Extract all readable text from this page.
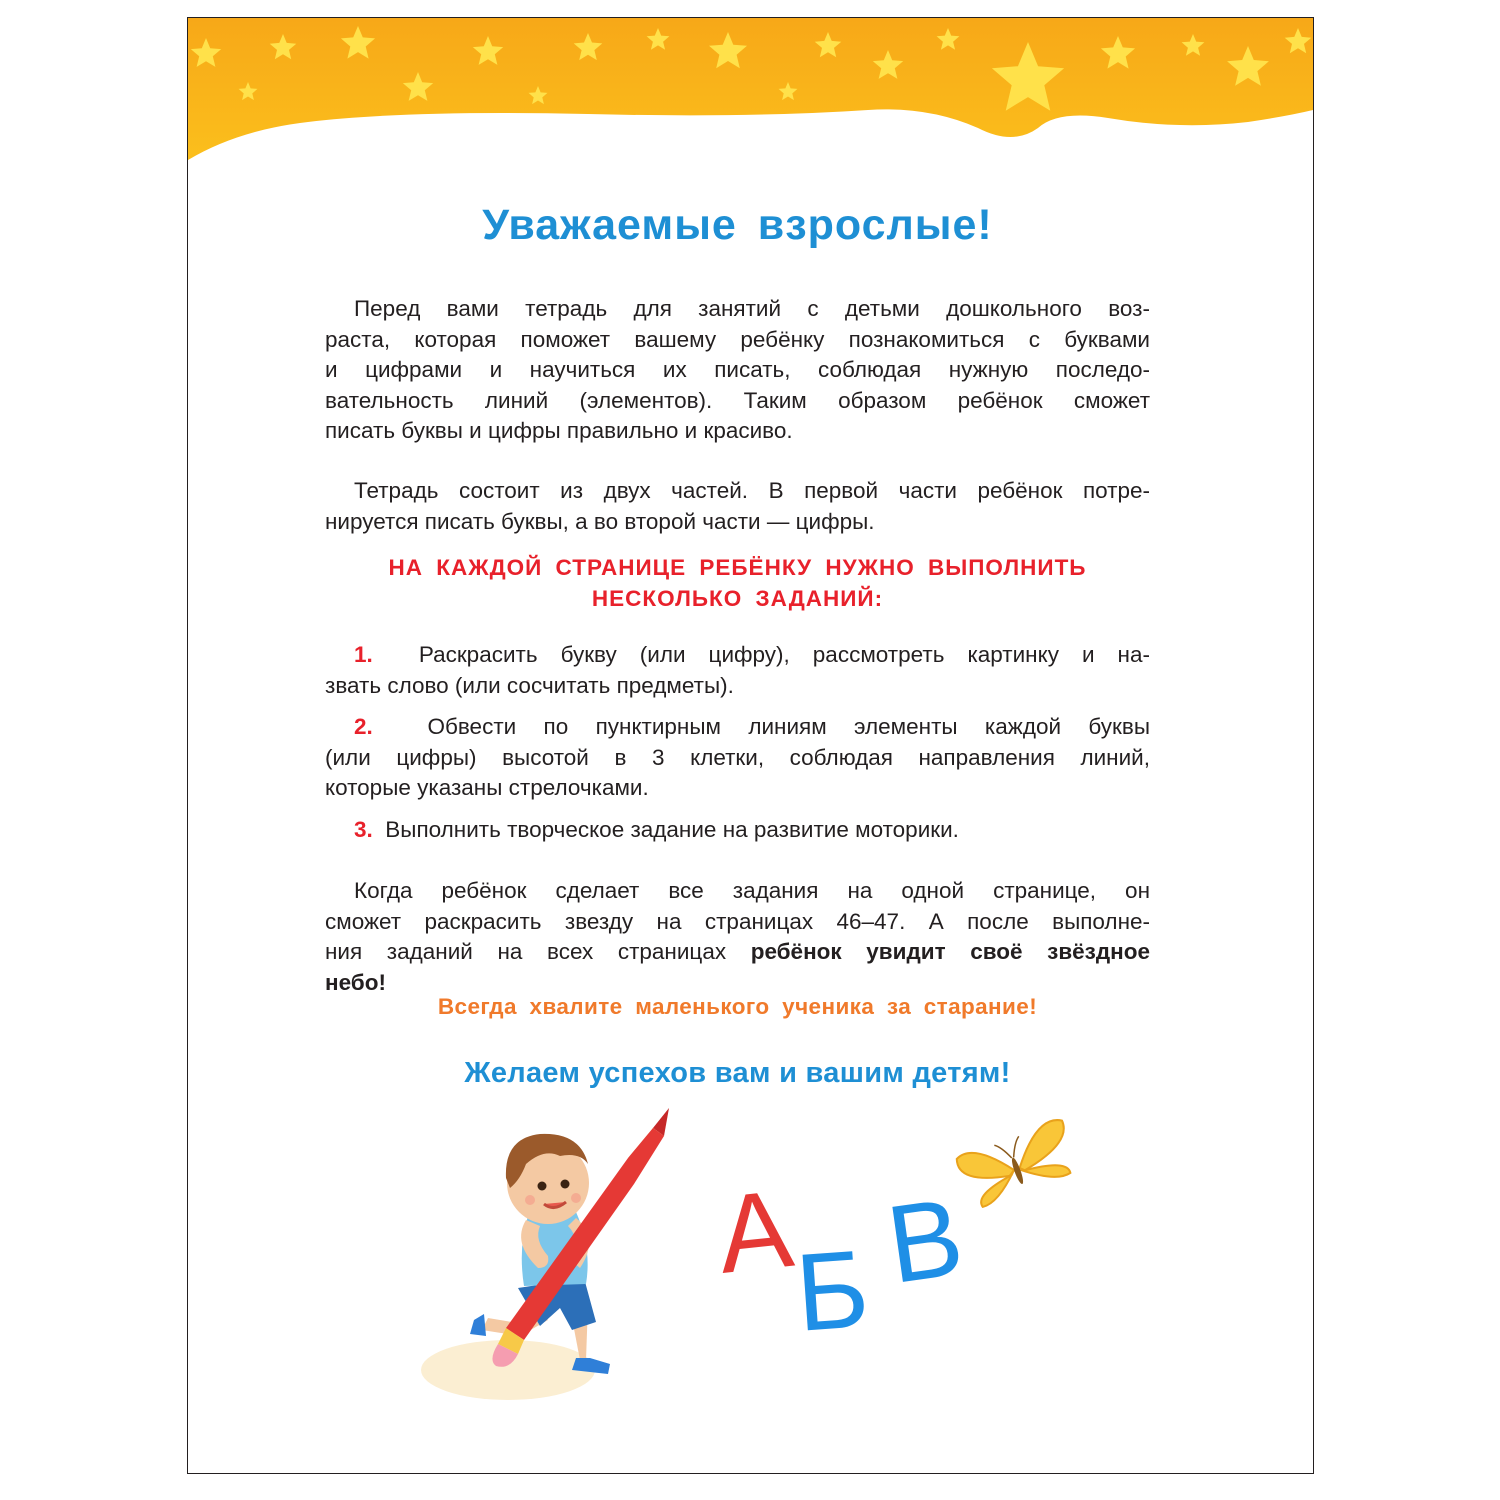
Уважаемые взрослые!

Перед вами тетрадь для занятий с детьми дошкольного воз-
раста, которая поможет вашему ребёнку познакомиться с буквами
и цифрами и научиться их писать, соблюдая нужную последо-
вательность линий (элементов). Таким образом ребёнок сможет
писать буквы и цифры правильно и красиво.

Тетрадь состоит из двух частей. В первой части ребёнок потре-
нируется писать буквы, а во второй части — цифры.

НА КАЖДОЙ СТРАНИЦЕ РЕБЁНКУ НУЖНО ВЫПОЛНИТЬ
НЕСКОЛЬКО ЗАДАНИЙ:

1. Раскрасить букву (или цифру), рассмотреть картинку и на-
звать слово (или сосчитать предметы).

2. Обвести по пунктирным линиям элементы каждой буквы
(или цифры) высотой в 3 клетки, соблюдая направления линий,
которые указаны стрелочками.

3. Выполнить творческое задание на развитие моторики.

Когда ребёнок сделает все задания на одной странице, он
сможет раскрасить звезду на страницах 46–47. А после выполне-
ния заданий на всех страницах ребёнок увидит своё звёздное
небо!

Всегда хвалите маленького ученика за старание!

Желаем успехов вам и вашим детям!

А
Б В
